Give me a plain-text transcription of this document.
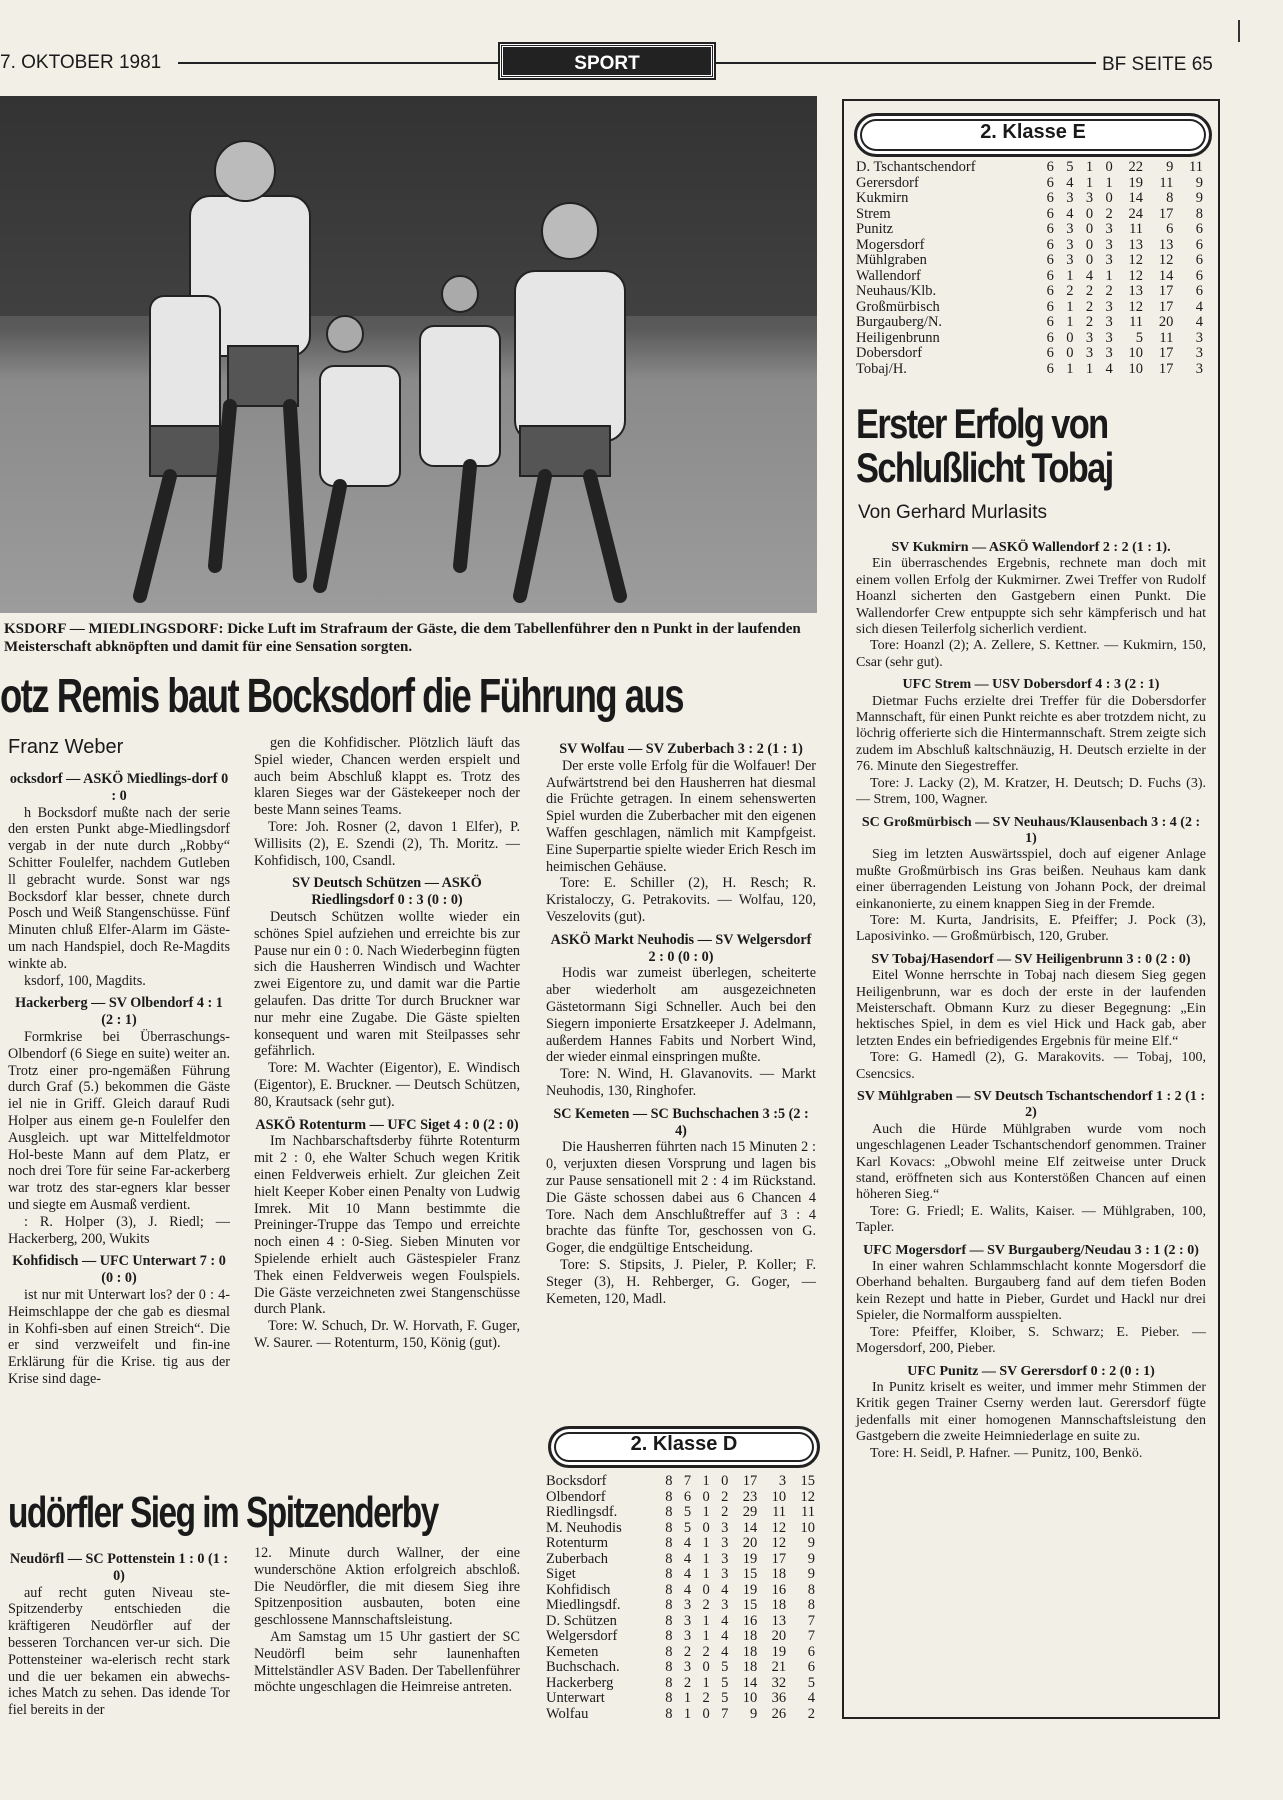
7. OKTOBER 1981	SPORT	BF SEITE 65
KSDORF — MIEDLINGSDORF: Dicke Luft im Strafraum der Gäste, die dem Tabellenführer den n Punkt in der laufenden Meisterschaft abknöpften und damit für eine Sensation sorgten.
otz Remis baut Bocksdorf die Führung aus
Franz Weber

ocksdorf — ASKÖ Miedlings-dorf 0 : 0

h Bocksdorf mußte nach der serie den ersten Punkt abge-Miedlingsdorf vergab in der nute durch „Robby“ Schitter Foulelfer, nachdem Gutleben ll gebracht wurde. Sonst war ngs Bocksdorf klar besser, chnete durch Posch und Weiß Stangenschüsse. Fünf Minuten chluß Elfer-Alarm im Gäste-um nach Handspiel, doch Re-Magdits winkte ab.

ksdorf, 100, Magdits.

Hackerberg — SV Olbendorf 4 : 1 (2 : 1)

Formkrise bei Überraschungs-Olbendorf (6 Siege en suite) weiter an. Trotz einer pro-ngemäßen Führung durch Graf (5.) bekommen die Gäste iel nie in Griff. Gleich darauf Rudi Holper aus einem ge-n Foulelfer den Ausgleich. upt war Mittelfeldmotor Hol-beste Mann auf dem Platz, er noch drei Tore für seine Far-ackerberg war trotz des star-egners klar besser und siegte em Ausmaß verdient.

: R. Holper (3), J. Riedl; — Hackerberg, 200, Wukits

Kohfidisch — UFC Unterwart 7 : 0 (0 : 0)

ist nur mit Unterwart los? der 0 : 4-Heimschlappe der che gab es diesmal in Kohfi-sben auf einen Streich“. Die er sind verzweifelt und fin-ine Erklärung für die Krise. tig aus der Krise sind dage-

gen die Kohfidischer. Plötzlich läuft das Spiel wieder, Chancen werden erspielt und auch beim Abschluß klappt es. Trotz des klaren Sieges war der Gästekeeper noch der beste Mann seines Teams.

Tore: Joh. Rosner (2, davon 1 Elfer), P. Willisits (2), E. Szendi (2), Th. Moritz. — Kohfidisch, 100, Csandl.

SV Deutsch Schützen — ASKÖ Riedlingsdorf 0 : 3 (0 : 0)

Deutsch Schützen wollte wieder ein schönes Spiel aufziehen und erreichte bis zur Pause nur ein 0 : 0. Nach Wiederbeginn fügten sich die Hausherren Windisch und Wachter zwei Eigentore zu, und damit war die Partie gelaufen. Das dritte Tor durch Bruckner war nur mehr eine Zugabe. Die Gäste spielten konsequent und waren mit Steilpasses sehr gefährlich.

Tore: M. Wachter (Eigentor), E. Windisch (Eigentor), E. Bruckner. — Deutsch Schützen, 80, Krautsack (sehr gut).

ASKÖ Rotenturm — UFC Siget 4 : 0 (2 : 0)

Im Nachbarschaftsderby führte Rotenturm mit 2 : 0, ehe Walter Schuch wegen Kritik einen Feldverweis erhielt. Zur gleichen Zeit hielt Keeper Kober einen Penalty von Ludwig Imrek. Mit 10 Mann bestimmte die Preininger-Truppe das Tempo und erreichte noch einen 4 : 0-Sieg. Sieben Minuten vor Spielende erhielt auch Gästespieler Franz Thek einen Feldverweis wegen Foulspiels. Die Gäste verzeichneten zwei Stangenschüsse durch Plank.

Tore: W. Schuch, Dr. W. Horvath, F. Guger, W. Saurer. — Rotenturm, 150, König (gut).

SV Wolfau — SV Zuberbach 3 : 2 (1 : 1)

Der erste volle Erfolg für die Wolfauer! Der Aufwärtstrend bei den Hausherren hat diesmal die Früchte getragen. In einem sehenswerten Spiel wurden die Zuberbacher mit den eigenen Waffen geschlagen, nämlich mit Kampfgeist. Eine Superpartie spielte wieder Erich Resch im heimischen Gehäuse.

Tore: E. Schiller (2), H. Resch; R. Kristaloczy, G. Petrakovits. — Wolfau, 120, Veszelovits (gut).

ASKÖ Markt Neuhodis — SV Welgersdorf 2 : 0 (0 : 0)

Hodis war zumeist überlegen, scheiterte aber wiederholt am ausgezeichneten Gästetormann Sigi Schneller. Auch bei den Siegern imponierte Ersatzkeeper J. Adelmann, außerdem Hannes Fabits und Norbert Wind, der wieder einmal einspringen mußte.

Tore: N. Wind, H. Glavanovits. — Markt Neuhodis, 130, Ringhofer.

SC Kemeten — SC Buchschachen 3 :5 (2 : 4)

Die Hausherren führten nach 15 Minuten 2 : 0, verjuxten diesen Vorsprung und lagen bis zur Pause sensationell mit 2 : 4 im Rückstand. Die Gäste schossen dabei aus 6 Chancen 4 Tore. Nach dem Anschlußtreffer auf 3 : 4 brachte das fünfte Tor, geschossen von G. Goger, die endgültige Entscheidung.

Tore: S. Stipsits, J. Pieler, P. Koller; F. Steger (3), H. Rehberger, G. Goger, — Kemeten, 120, Madl.

udörfler Sieg im Spitzenderby

Neudörfl — SC Pottenstein 1 : 0 (1 : 0)

auf recht guten Niveau ste-Spitzenderby entschieden die kräftigeren Neudörfler auf der besseren Torchancen ver-ur sich. Die Pottensteiner wa-elerisch recht stark und die uer bekamen ein abwechs-iches Match zu sehen. Das idende Tor fiel bereits in der

12. Minute durch Wallner, der eine wunderschöne Aktion erfolgreich abschloß. Die Neudörfler, die mit diesem Sieg ihre Spitzenposition ausbauten, boten eine geschlossene Mannschaftsleistung.

Am Samstag um 15 Uhr gastiert der SC Neudörfl beim sehr launenhaften Mittelständler ASV Baden. Der Tabellenführer möchte ungeschlagen die Heimreise antreten.

2. Klasse D
Bocksdorf	8	7	1	0	17	3	15
Olbendorf	8	6	0	2	23	10	12
Riedlingsdf.	8	5	1	2	29	11	11
M. Neuhodis	8	5	0	3	14	12	10
Rotenturm	8	4	1	3	20	12	9
Zuberbach	8	4	1	3	19	17	9
Siget	8	4	1	3	15	18	9
Kohfidisch	8	4	0	4	19	16	8
Miedlingsdf.	8	3	2	3	15	18	8
D. Schützen	8	3	1	4	16	13	7
Welgersdorf	8	3	1	4	18	20	7
Kemeten	8	2	2	4	18	19	6
Buchschach.	8	3	0	5	18	21	6
Hackerberg	8	2	1	5	14	32	5
Unterwart	8	1	2	5	10	36	4
Wolfau	8	1	0	7	9	26	2
2. Klasse E
D. Tschantschendorf	6	5	1	0	22	9	11
Gerersdorf	6	4	1	1	19	11	9
Kukmirn	6	3	3	0	14	8	9
Strem	6	4	0	2	24	17	8
Punitz	6	3	0	3	11	6	6
Mogersdorf	6	3	0	3	13	13	6
Mühlgraben	6	3	0	3	12	12	6
Wallendorf	6	1	4	1	12	14	6
Neuhaus/Klb.	6	2	2	2	13	17	6
Großmürbisch	6	1	2	3	12	17	4
Burgauberg/N.	6	1	2	3	11	20	4
Heiligenbrunn	6	0	3	3	5	11	3
Dobersdorf	6	0	3	3	10	17	3
Tobaj/H.	6	1	1	4	10	17	3
Erster Erfolg von
Schlußlicht Tobaj
Von Gerhard Murlasits

SV Kukmirn — ASKÖ Wallendorf 2 : 2 (1 : 1).

Ein überraschendes Ergebnis, rechnete man doch mit einem vollen Erfolg der Kukmirner. Zwei Treffer von Rudolf Hoanzl sicherten den Gastgebern einen Punkt. Die Wallendorfer Crew entpuppte sich sehr kämpferisch und hat sich diesen Teilerfolg sicherlich verdient.

Tore: Hoanzl (2); A. Zellere, S. Kettner. — Kukmirn, 150, Csar (sehr gut).

UFC Strem — USV Dobersdorf 4 : 3 (2 : 1)

Dietmar Fuchs erzielte drei Treffer für die Dobersdorfer Mannschaft, für einen Punkt reichte es aber trotzdem nicht, zu löchrig offerierte sich die Hintermannschaft. Strem zeigte sich zudem im Abschluß kaltschnäuzig, H. Deutsch erzielte in der 76. Minute den Siegestreffer.

Tore: J. Lacky (2), M. Kratzer, H. Deutsch; D. Fuchs (3). — Strem, 100, Wagner.

SC Großmürbisch — SV Neuhaus/Klausenbach 3 : 4 (2 : 1)

Sieg im letzten Auswärtsspiel, doch auf eigener Anlage mußte Großmürbisch ins Gras beißen. Neuhaus kam dank einer überragenden Leistung von Johann Pock, der dreimal einkanonierte, zu einem knappen Sieg in der Fremde.

Tore: M. Kurta, Jandrisits, E. Pfeiffer; J. Pock (3), Laposivinko. — Großmürbisch, 120, Gruber.

SV Tobaj/Hasendorf — SV Heiligenbrunn 3 : 0 (2 : 0)

Eitel Wonne herrschte in Tobaj nach diesem Sieg gegen Heiligenbrunn, war es doch der erste in der laufenden Meisterschaft. Obmann Kurz zu dieser Begegnung: „Ein hektisches Spiel, in dem es viel Hick und Hack gab, aber letzten Endes ein befriedigendes Ergebnis für meine Elf.“

Tore: G. Hamedl (2), G. Marakovits. — Tobaj, 100, Csencsics.

SV Mühlgraben — SV Deutsch Tschantschendorf 1 : 2 (1 : 2)

Auch die Hürde Mühlgraben wurde vom noch ungeschlagenen Leader Tschantschendorf genommen. Trainer Karl Kovacs: „Obwohl meine Elf zeitweise unter Druck stand, eröffneten sich aus Konterstößen Chancen auf einen höheren Sieg.“

Tore: G. Friedl; E. Walits, Kaiser. — Mühlgraben, 100, Tapler.

UFC Mogersdorf — SV Burgauberg/Neudau 3 : 1 (2 : 0)

In einer wahren Schlammschlacht konnte Mogersdorf die Oberhand behalten. Burgauberg fand auf dem tiefen Boden kein Rezept und hatte in Pieber, Gurdet und Hackl nur drei Spieler, die Normalform ausspielten.

Tore: Pfeiffer, Kloiber, S. Schwarz; E. Pieber. — Mogersdorf, 200, Pieber.

UFC Punitz — SV Gerersdorf 0 : 2 (0 : 1)

In Punitz kriselt es weiter, und immer mehr Stimmen der Kritik gegen Trainer Cserny werden laut. Gerersdorf fügte jedenfalls mit einer homogenen Mannschaftsleistung den Gastgebern die zweite Heimniederlage en suite zu.

Tore: H. Seidl, P. Hafner. — Punitz, 100, Benkö.
